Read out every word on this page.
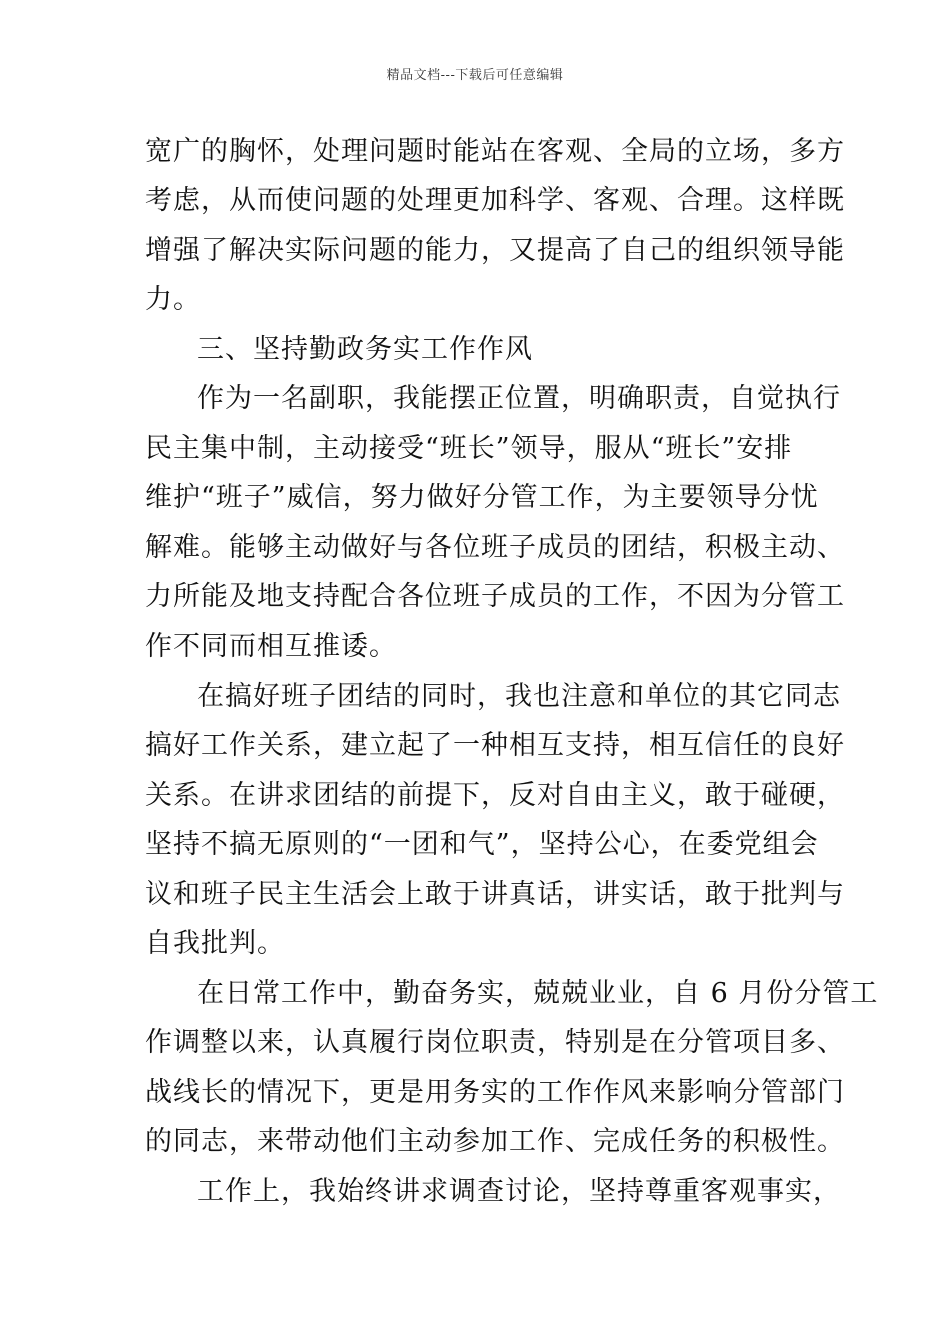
精品文档---下载后可任意编辑
宽广的胸怀，处理问题时能站在客观、全局的立场，多方
考虑，从而使问题的处理更加科学、客观、合理。这样既
增强了解决实际问题的能力，又提高了自己的组织领导能
力。
三、坚持勤政务实工作作风
作为一名副职，我能摆正位置，明确职责，自觉执行
民主集中制，主动接受“班长”领导，服从“班长”安排
维护“班子”威信，努力做好分管工作，为主要领导分忧
解难。能够主动做好与各位班子成员的团结，积极主动、
力所能及地支持配合各位班子成员的工作，不因为分管工
作不同而相互推诿。
在搞好班子团结的同时，我也注意和单位的其它同志
搞好工作关系，建立起了一种相互支持，相互信任的良好
关系。在讲求团结的前提下，反对自由主义，敢于碰硬，
坚持不搞无原则的“一团和气”，坚持公心，在委党组会
议和班子民主生活会上敢于讲真话，讲实话，敢于批判与
自我批判。
在日常工作中，勤奋务实，兢兢业业，自 6 月份分管工
作调整以来，认真履行岗位职责，特别是在分管项目多、
战线长的情况下，更是用务实的工作作风来影响分管部门
的同志，来带动他们主动参加工作、完成任务的积极性。
工作上，我始终讲求调查讨论，坚持尊重客观事实，
